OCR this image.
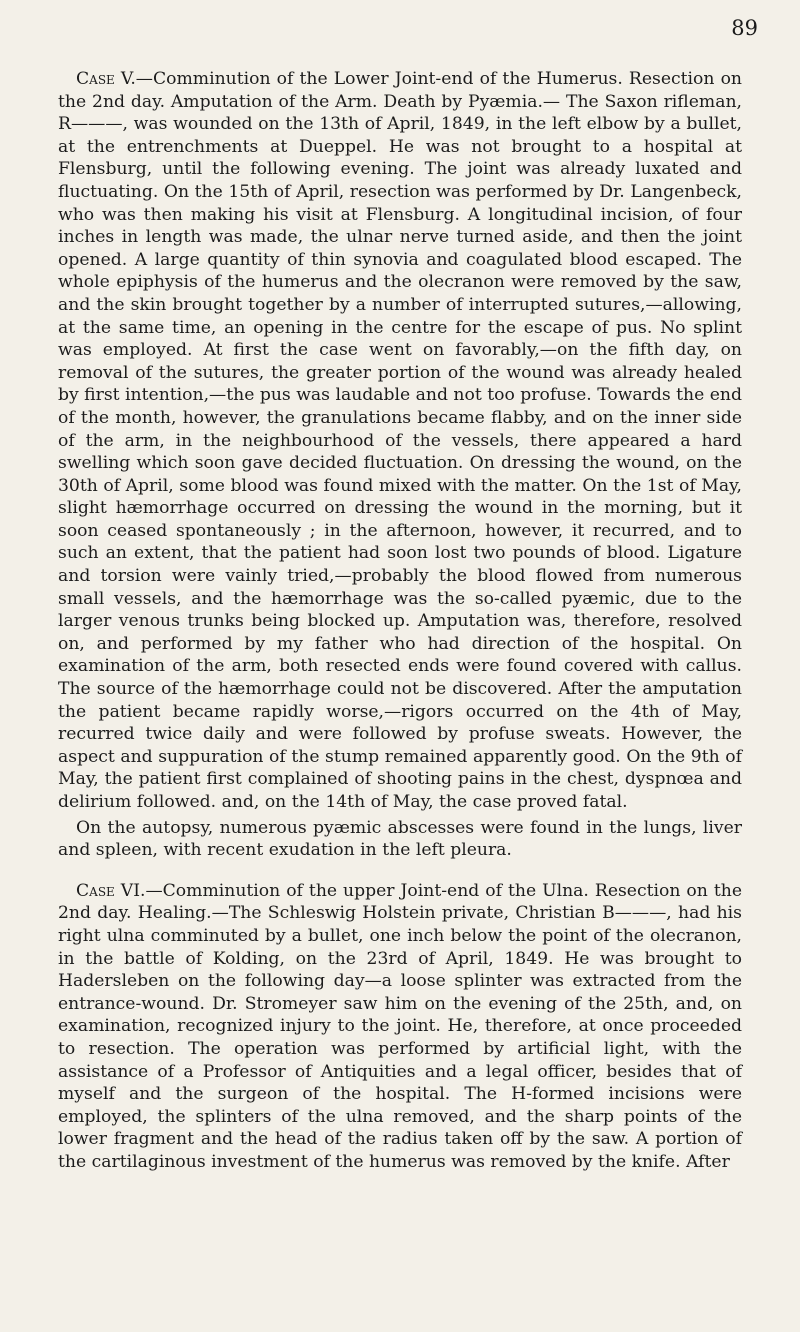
89

Case V.—Comminution of the Lower Joint-end of the Humerus. Resection on the 2nd day. Amputation of the Arm. Death by Pyæmia.— The Saxon rifleman, R———, was wounded on the 13th of April, 1849, in the left elbow by a bullet, at the entrenchments at Dueppel. He was not brought to a hospital at Flensburg, until the following evening. The joint was already luxated and fluctuating. On the 15th of April, resection was performed by Dr. Langenbeck, who was then making his visit at Flensburg. A longitudinal incision, of four inches in length was made, the ulnar nerve turned aside, and then the joint opened. A large quantity of thin synovia and coagulated blood escaped. The whole epiphysis of the humerus and the olecranon were removed by the saw, and the skin brought together by a number of interrupted sutures,—allowing, at the same time, an opening in the centre for the escape of pus. No splint was employed. At first the case went on favorably,—on the fifth day, on removal of the sutures, the greater portion of the wound was already healed by first intention,—the pus was laudable and not too profuse. Towards the end of the month, however, the granulations became flabby, and on the inner side of the arm, in the neighbourhood of the vessels, there appeared a hard swelling which soon gave decided fluctuation. On dressing the wound, on the 30th of April, some blood was found mixed with the matter. On the 1st of May, slight hæmorrhage occurred on dressing the wound in the morning, but it soon ceased spontaneously ; in the afternoon, however, it recurred, and to such an extent, that the patient had soon lost two pounds of blood. Ligature and torsion were vainly tried,—probably the blood flowed from numerous small vessels, and the hæmorrhage was the so-called pyæmic, due to the larger venous trunks being blocked up. Amputation was, therefore, resolved on, and performed by my father who had direction of the hospital. On examination of the arm, both resected ends were found covered with callus. The source of the hæmorrhage could not be discovered. After the amputation the patient became rapidly worse,—rigors occurred on the 4th of May, recurred twice daily and were followed by profuse sweats. However, the aspect and suppuration of the stump remained apparently good. On the 9th of May, the patient first complained of shooting pains in the chest, dyspnœa and delirium followed. and, on the 14th of May, the case proved fatal.

On the autopsy, numerous pyæmic abscesses were found in the lungs, liver and spleen, with recent exudation in the left pleura.

Case VI.—Comminution of the upper Joint-end of the Ulna. Resection on the 2nd day. Healing.—The Schleswig Holstein private, Christian B———, had his right ulna comminuted by a bullet, one inch below the point of the olecranon, in the battle of Kolding, on the 23rd of April, 1849. He was brought to Hadersleben on the following day—a loose splinter was extracted from the entrance-wound. Dr. Stromeyer saw him on the evening of the 25th, and, on examination, recognized injury to the joint. He, therefore, at once proceeded to resection. The operation was performed by artificial light, with the assistance of a Professor of Antiquities and a legal officer, besides that of myself and the surgeon of the hospital. The H-formed incisions were employed, the splinters of the ulna removed, and the sharp points of the lower fragment and the head of the radius taken off by the saw. A portion of the cartilaginous investment of the humerus was removed by the knife. After
